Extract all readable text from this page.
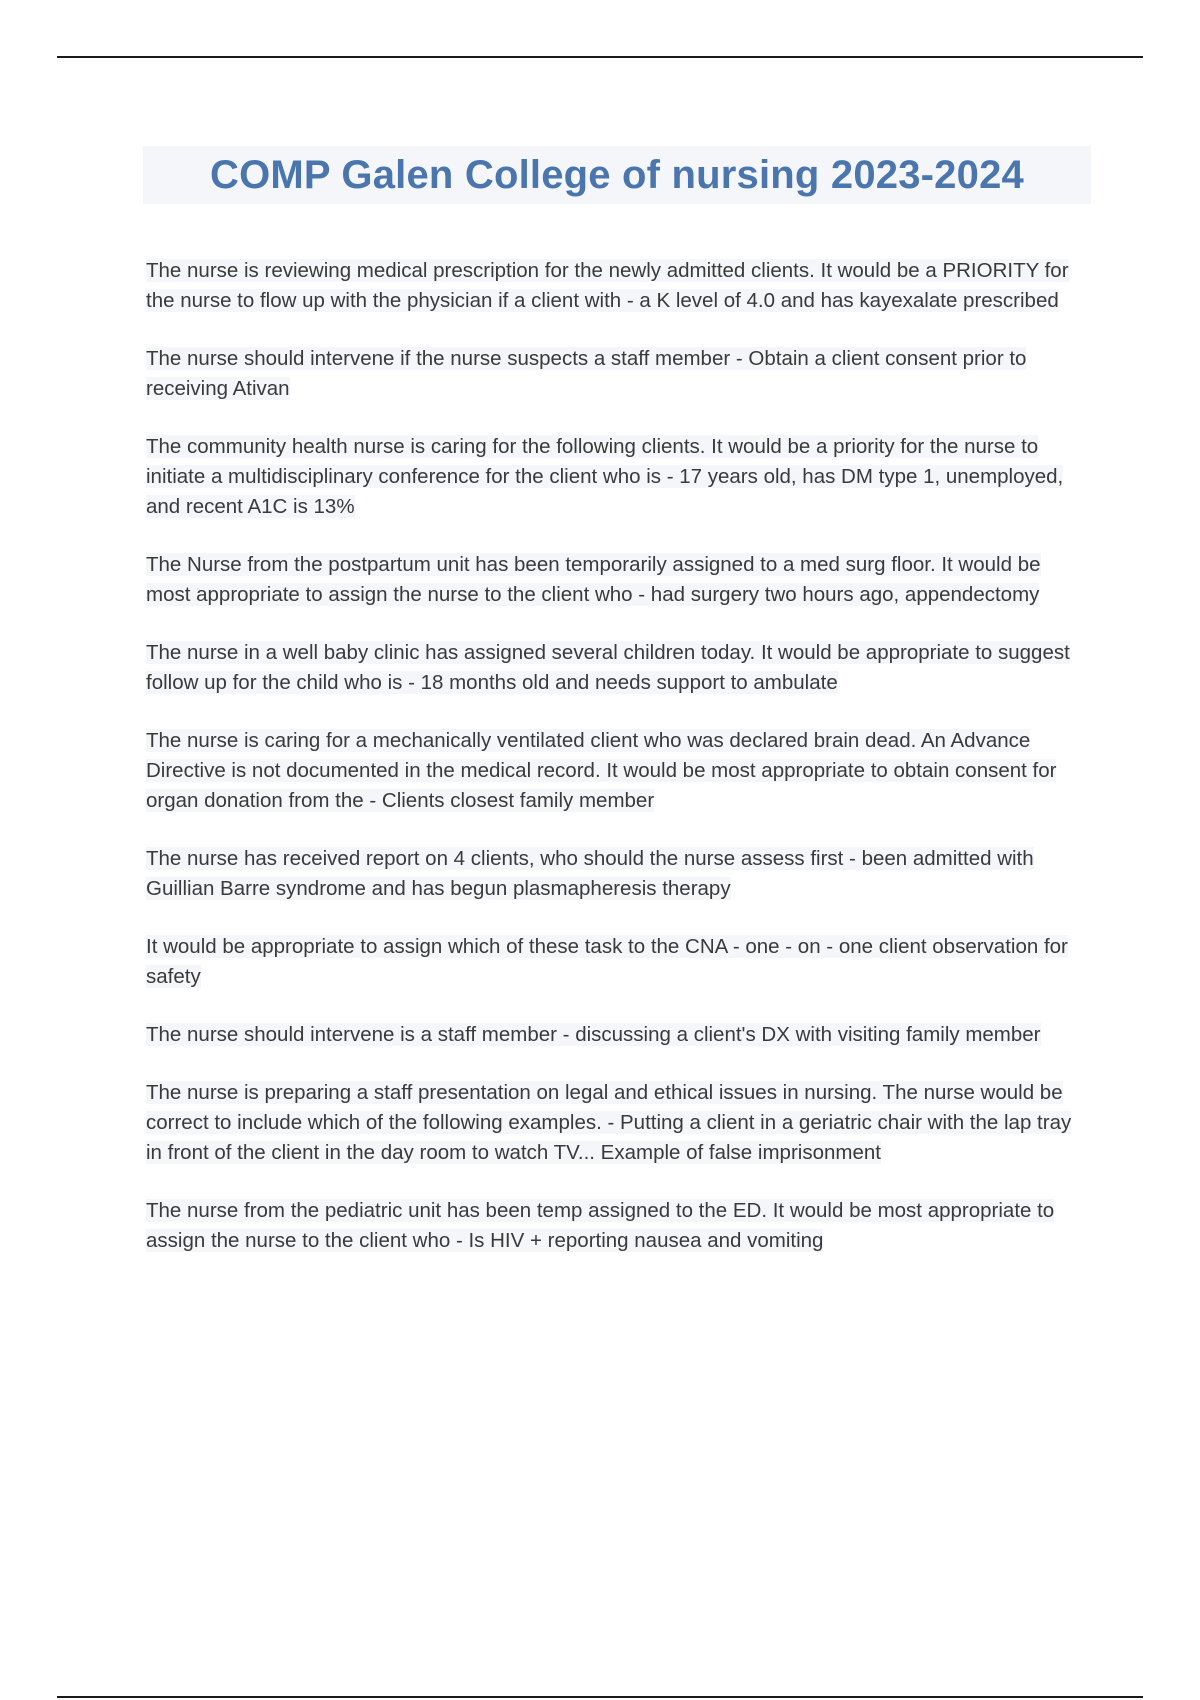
COMP Galen College of nursing 2023-2024

The nurse is reviewing medical prescription for the newly admitted clients. It would be a PRIORITY for the nurse to flow up with the physician if a client with - a K level of 4.0 and has kayexalate prescribed

The nurse should intervene if the nurse suspects a staff member - Obtain a client consent prior to receiving Ativan

The community health nurse is caring for the following clients. It would be a priority for the nurse to initiate a multidisciplinary conference for the client who is - 17 years old, has DM type 1, unemployed, and recent A1C is 13%

The Nurse from the postpartum unit has been temporarily assigned to a med surg floor. It would be most appropriate to assign the nurse to the client who - had surgery two hours ago, appendectomy

The nurse in a well baby clinic has assigned several children today. It would be appropriate to suggest follow up for the child who is - 18 months old and needs support to ambulate

The nurse is caring for a mechanically ventilated client who was declared brain dead. An Advance Directive is not documented in the medical record. It would be most appropriate to obtain consent for organ donation from the - Clients closest family member

The nurse has received report on 4 clients, who should the nurse assess first - been admitted with Guillian Barre syndrome and has begun plasmapheresis therapy

It would be appropriate to assign which of these task to the CNA - one - on - one client observation for safety

The nurse should intervene is a staff member - discussing a client's DX with visiting family member

The nurse is preparing a staff presentation on legal and ethical issues in nursing. The nurse would be correct to include which of the following examples. - Putting a client in a geriatric chair with the lap tray in front of the client in the day room to watch TV... Example of false imprisonment

The nurse from the pediatric unit has been temp assigned to the ED. It would be most appropriate to assign the nurse to the client who - Is HIV + reporting nausea and vomiting
